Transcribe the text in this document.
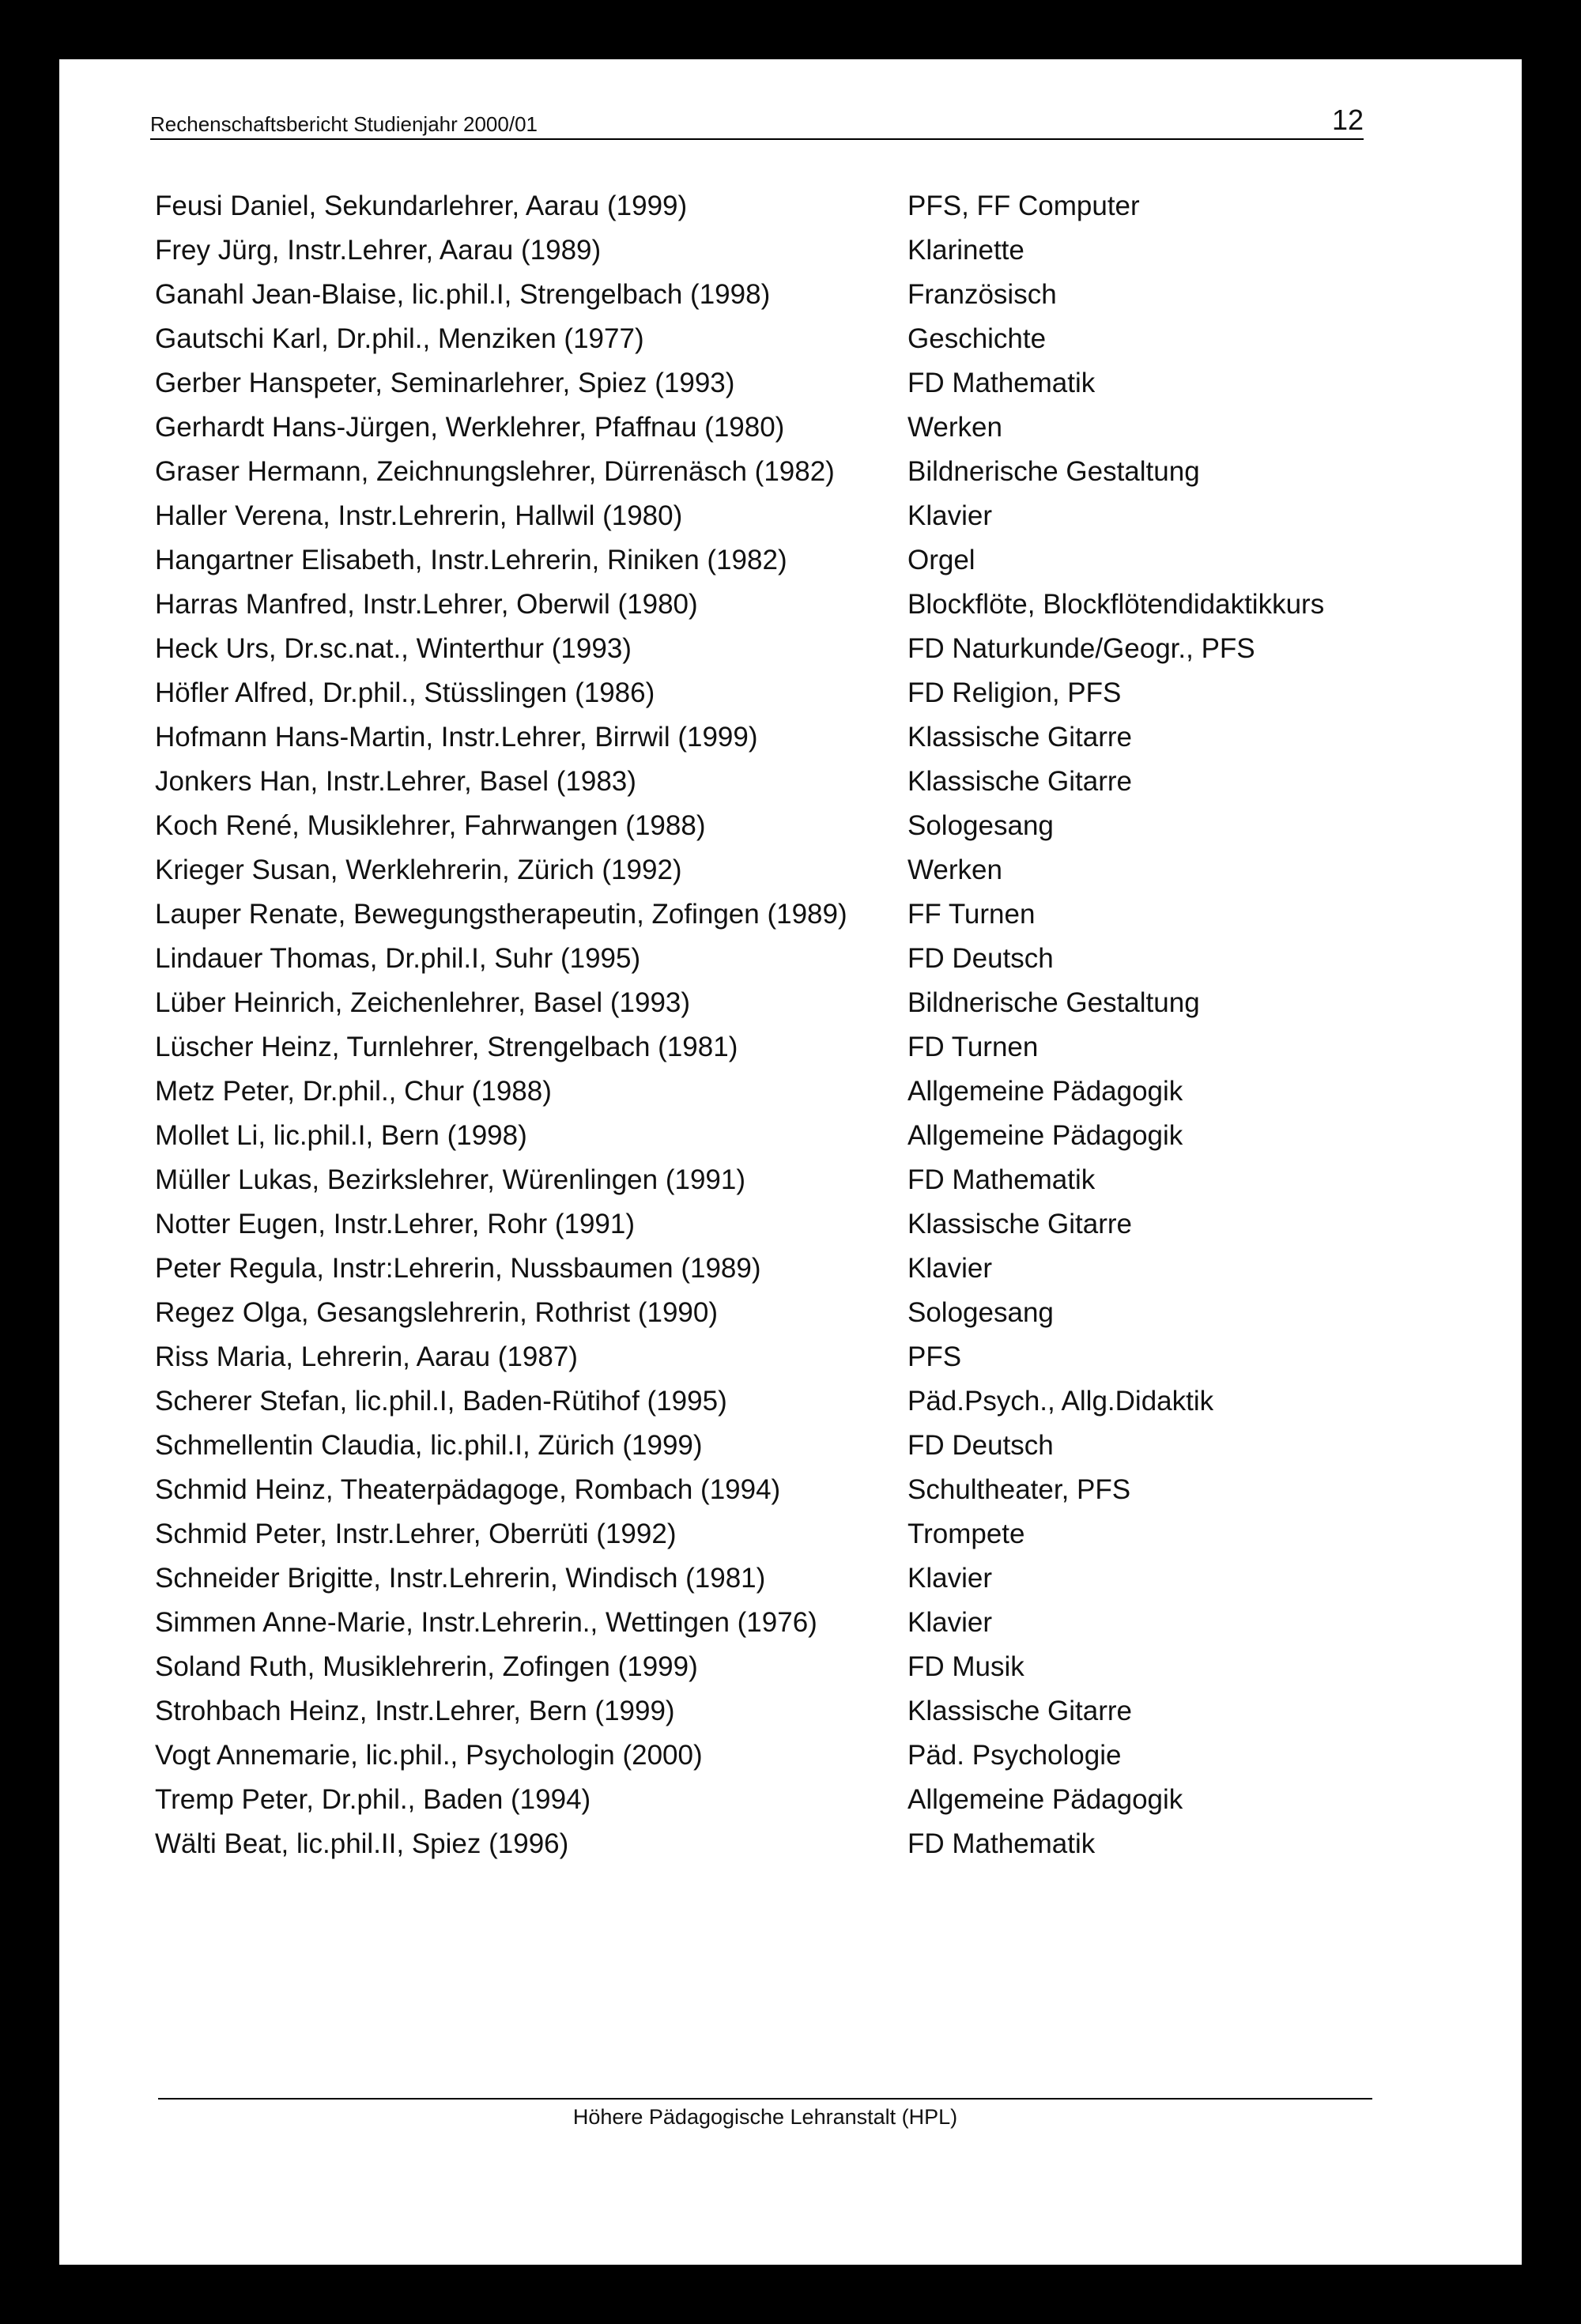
Rechenschaftsbericht Studienjahr 2000/01	12
Feusi Daniel, Sekundarlehrer, Aarau (1999)	PFS, FF Computer
Frey Jürg, Instr.Lehrer, Aarau (1989)	Klarinette
Ganahl Jean-Blaise, lic.phil.I, Strengelbach (1998)	Französisch
Gautschi Karl, Dr.phil., Menziken (1977)	Geschichte
Gerber Hanspeter, Seminarlehrer, Spiez (1993)	FD Mathematik
Gerhardt Hans-Jürgen, Werklehrer, Pfaffnau (1980)	Werken
Graser Hermann, Zeichnungslehrer, Dürrenäsch (1982)	Bildnerische Gestaltung
Haller Verena, Instr.Lehrerin, Hallwil (1980)	Klavier
Hangartner Elisabeth, Instr.Lehrerin, Riniken (1982)	Orgel
Harras Manfred, Instr.Lehrer, Oberwil (1980)	Blockflöte, Blockflötendidaktikkurs
Heck Urs, Dr.sc.nat., Winterthur (1993)	FD Naturkunde/Geogr., PFS
Höfler Alfred, Dr.phil., Stüsslingen (1986)	FD Religion, PFS
Hofmann Hans-Martin, Instr.Lehrer, Birrwil (1999)	Klassische Gitarre
Jonkers Han, Instr.Lehrer, Basel (1983)	Klassische Gitarre
Koch René, Musiklehrer, Fahrwangen (1988)	Sologesang
Krieger Susan, Werklehrerin, Zürich (1992)	Werken
Lauper Renate, Bewegungstherapeutin, Zofingen (1989) FF Turnen
Lindauer Thomas, Dr.phil.I, Suhr (1995)	FD Deutsch
Lüber Heinrich, Zeichenlehrer, Basel (1993)	Bildnerische Gestaltung
Lüscher Heinz, Turnlehrer, Strengelbach (1981)	FD Turnen
Metz Peter, Dr.phil., Chur (1988)	Allgemeine Pädagogik
Mollet Li, lic.phil.I, Bern (1998)	Allgemeine Pädagogik
Müller Lukas, Bezirkslehrer, Würenlingen (1991)	FD Mathematik
Notter Eugen, Instr.Lehrer, Rohr (1991)	Klassische Gitarre
Peter Regula, Instr:Lehrerin, Nussbaumen (1989)	Klavier
Regez Olga, Gesangslehrerin, Rothrist (1990)	Sologesang
Riss Maria, Lehrerin, Aarau (1987)	PFS
Scherer Stefan, lic.phil.I, Baden-Rütihof (1995)	Päd.Psych., Allg.Didaktik
Schmellentin Claudia, lic.phil.I, Zürich (1999)	FD Deutsch
Schmid Heinz, Theaterpädagoge, Rombach (1994)	Schultheater, PFS
Schmid Peter, Instr.Lehrer, Oberrüti (1992)	Trompete
Schneider Brigitte, Instr.Lehrerin, Windisch (1981)	Klavier
Simmen Anne-Marie, Instr.Lehrerin., Wettingen (1976)	Klavier
Soland Ruth, Musiklehrerin, Zofingen (1999)	FD Musik
Strohbach Heinz, Instr.Lehrer, Bern (1999)	Klassische Gitarre
Vogt Annemarie, lic.phil., Psychologin (2000)	Päd. Psychologie
Tremp Peter, Dr.phil., Baden (1994)	Allgemeine Pädagogik
Wälti Beat, lic.phil.II, Spiez (1996)	FD Mathematik
Höhere Pädagogische Lehranstalt (HPL)
